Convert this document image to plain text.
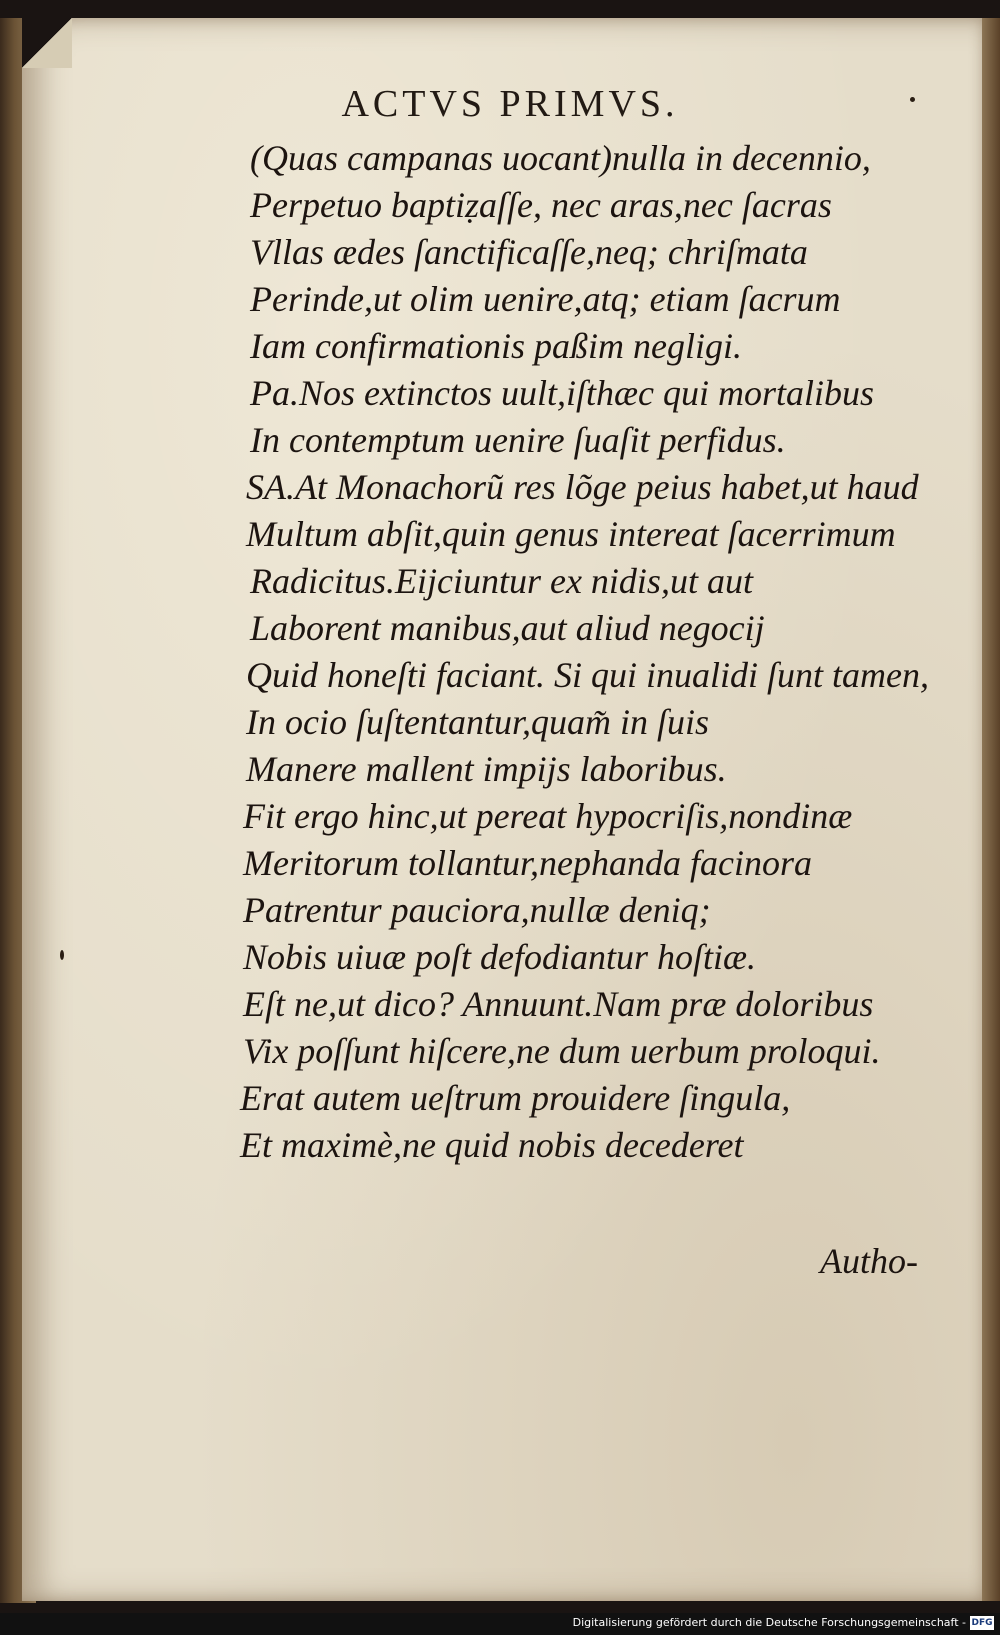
ACTVS PRIMVS.
(Quas campanas uocant)nulla in decennio,
Perpetuo baptiẓaſſe, nec aras,nec ſacras
Vllas ædes ſanctificaſſe,neq; chriſmata
Perinde,ut olim uenire,atq; etiam ſacrum
Iam confirmationis paßim negligi.
Pa.Nos extinctos uult,iſthæc qui mortalibus
In contemptum uenire ſuaſit perfidus.
SA.At Monachorũ res lõge peius habet,ut haud
Multum abſit,quin genus intereat ſacerrimum
Radicitus.Eijciuntur ex nidis,ut aut
Laborent manibus,aut aliud negocij
Quid honeſti faciant. Si qui inualidi ſunt tamen,
In ocio ſuſtentantur,quam̃ in ſuis
Manere mallent impijs laboribus.
Fit ergo hinc,ut pereat hypocriſis,nondinæ
Meritorum tollantur,nephanda facinora
Patrentur pauciora,nullæ deniq;
Nobis uiuæ poſt defodiantur hoſtiæ.
Eſt ne,ut dico? Annuunt.Nam præ doloribus
Vix poſſunt hiſcere,ne dum uerbum proloqui.
Erat autem ueſtrum prouidere ſingula,
Et maximè,ne quid nobis decederet
Autho-
Digitalisierung gefördert durch die Deutsche Forschungsgemeinschaft - DFG
